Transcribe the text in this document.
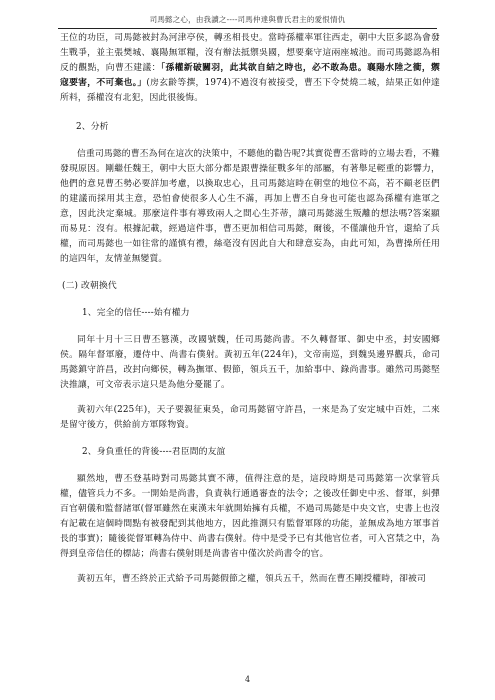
司馬懿之心，由我讀之----司馬仲達與曹氏君主的愛恨情仇

王位的功臣，司馬懿被封為河津亭侯，轉丞相長史。當時孫權率軍往西走，朝中大臣多認為會發生戰爭，並主張樊城、襄陽無軍糧，沒有辦法抵禦吳國，想要棄守這兩座城池。而司馬懿認為相反的觀點，向曹丕建議：「孫權新破關羽，此其欲自結之時也，必不敢為患。襄陽水陸之衝，禦寇要害，不可棄也。」(房玄齡等撰，1974)不過沒有被接受，曹丕下令焚燒二城，結果正如仲達所料，孫權沒有北犯，因此很後悔。

2、分析

信重司馬懿的曹丕為何在這次的決策中，不聽他的勸告呢?其實從曹丕當時的立場去看，不難發現原因。剛繼任魏王，朝中大臣大部分都是跟曹操征戰多年的部屬，有著舉足輕重的影響力，他們的意見曹丕勢必要詳加考慮，以換取忠心，且司馬懿這時在朝堂的地位不高，若不顧老臣們的建議而採用其主意，恐怕會使很多人心生不滿，再加上曹丕自身也可能也認為孫權有進軍之意，因此決定棄城。那麼這件事有導致兩人之間心生芥蒂，讓司馬懿滋生叛離的想法嗎?答案顯而易見：沒有。根據記載，經過這件事，曹丕更加相信司馬懿，爾後，不僅讓他升官，還給了兵權，而司馬懿也一如往常的謹慎有禮，絲毫沒有因此自大和肆意妄為，由此可知，為曹操所任用的這四年，友情並無變質。

(二) 改朝換代
1、完全的信任----始有權力

同年十月十三日曹丕篡漢，改國號魏，任司馬懿尚書。不久轉督軍、御史中丞，封安國鄉侯。隔年督軍廢，遷侍中、尚書右僕射。黃初五年(224年)，文帝南巡，到魏吳邊界觀兵，命司馬懿鎮守許昌，改封向鄉侯，轉為撫軍、假節，領兵五千，加給事中、錄尚書事。雖然司馬懿堅決推讓，可文帝表示這只是為他分憂罷了。

黃初六年(225年)，天子要親征東吳，命司馬懿留守許昌，一來是為了安定城中百姓，二來是留守後方，供給前方軍隊物資。

2、身負重任的背後----君臣間的友誼

顯然地，曹丕登基時對司馬懿其實不薄，值得注意的是，這段時期是司馬懿第一次掌管兵權，儘管兵力不多。一開始是尚書，負責執行通過審查的法令；之後改任御史中丞、督軍，糾彈百官朝儀和監督諸軍(督軍雖然在東漢末年就開始擁有兵權，不過司馬懿是中央文官，史書上也沒有記載在這個時間點有被發配到其他地方，因此推測只有監督軍隊的功能，並無成為地方軍事首長的事實)；隨後從督軍轉為侍中、尚書右僕射。侍中是受予已有其他官位者，可入宮禁之中，為得到皇帝信任的標誌；尚書右僕射則是尚書省中僅次於尚書令的官。

黃初五年，曹丕終於正式給予司馬懿假節之權，領兵五千，然而在曹丕剛授權時，卻被司

4
